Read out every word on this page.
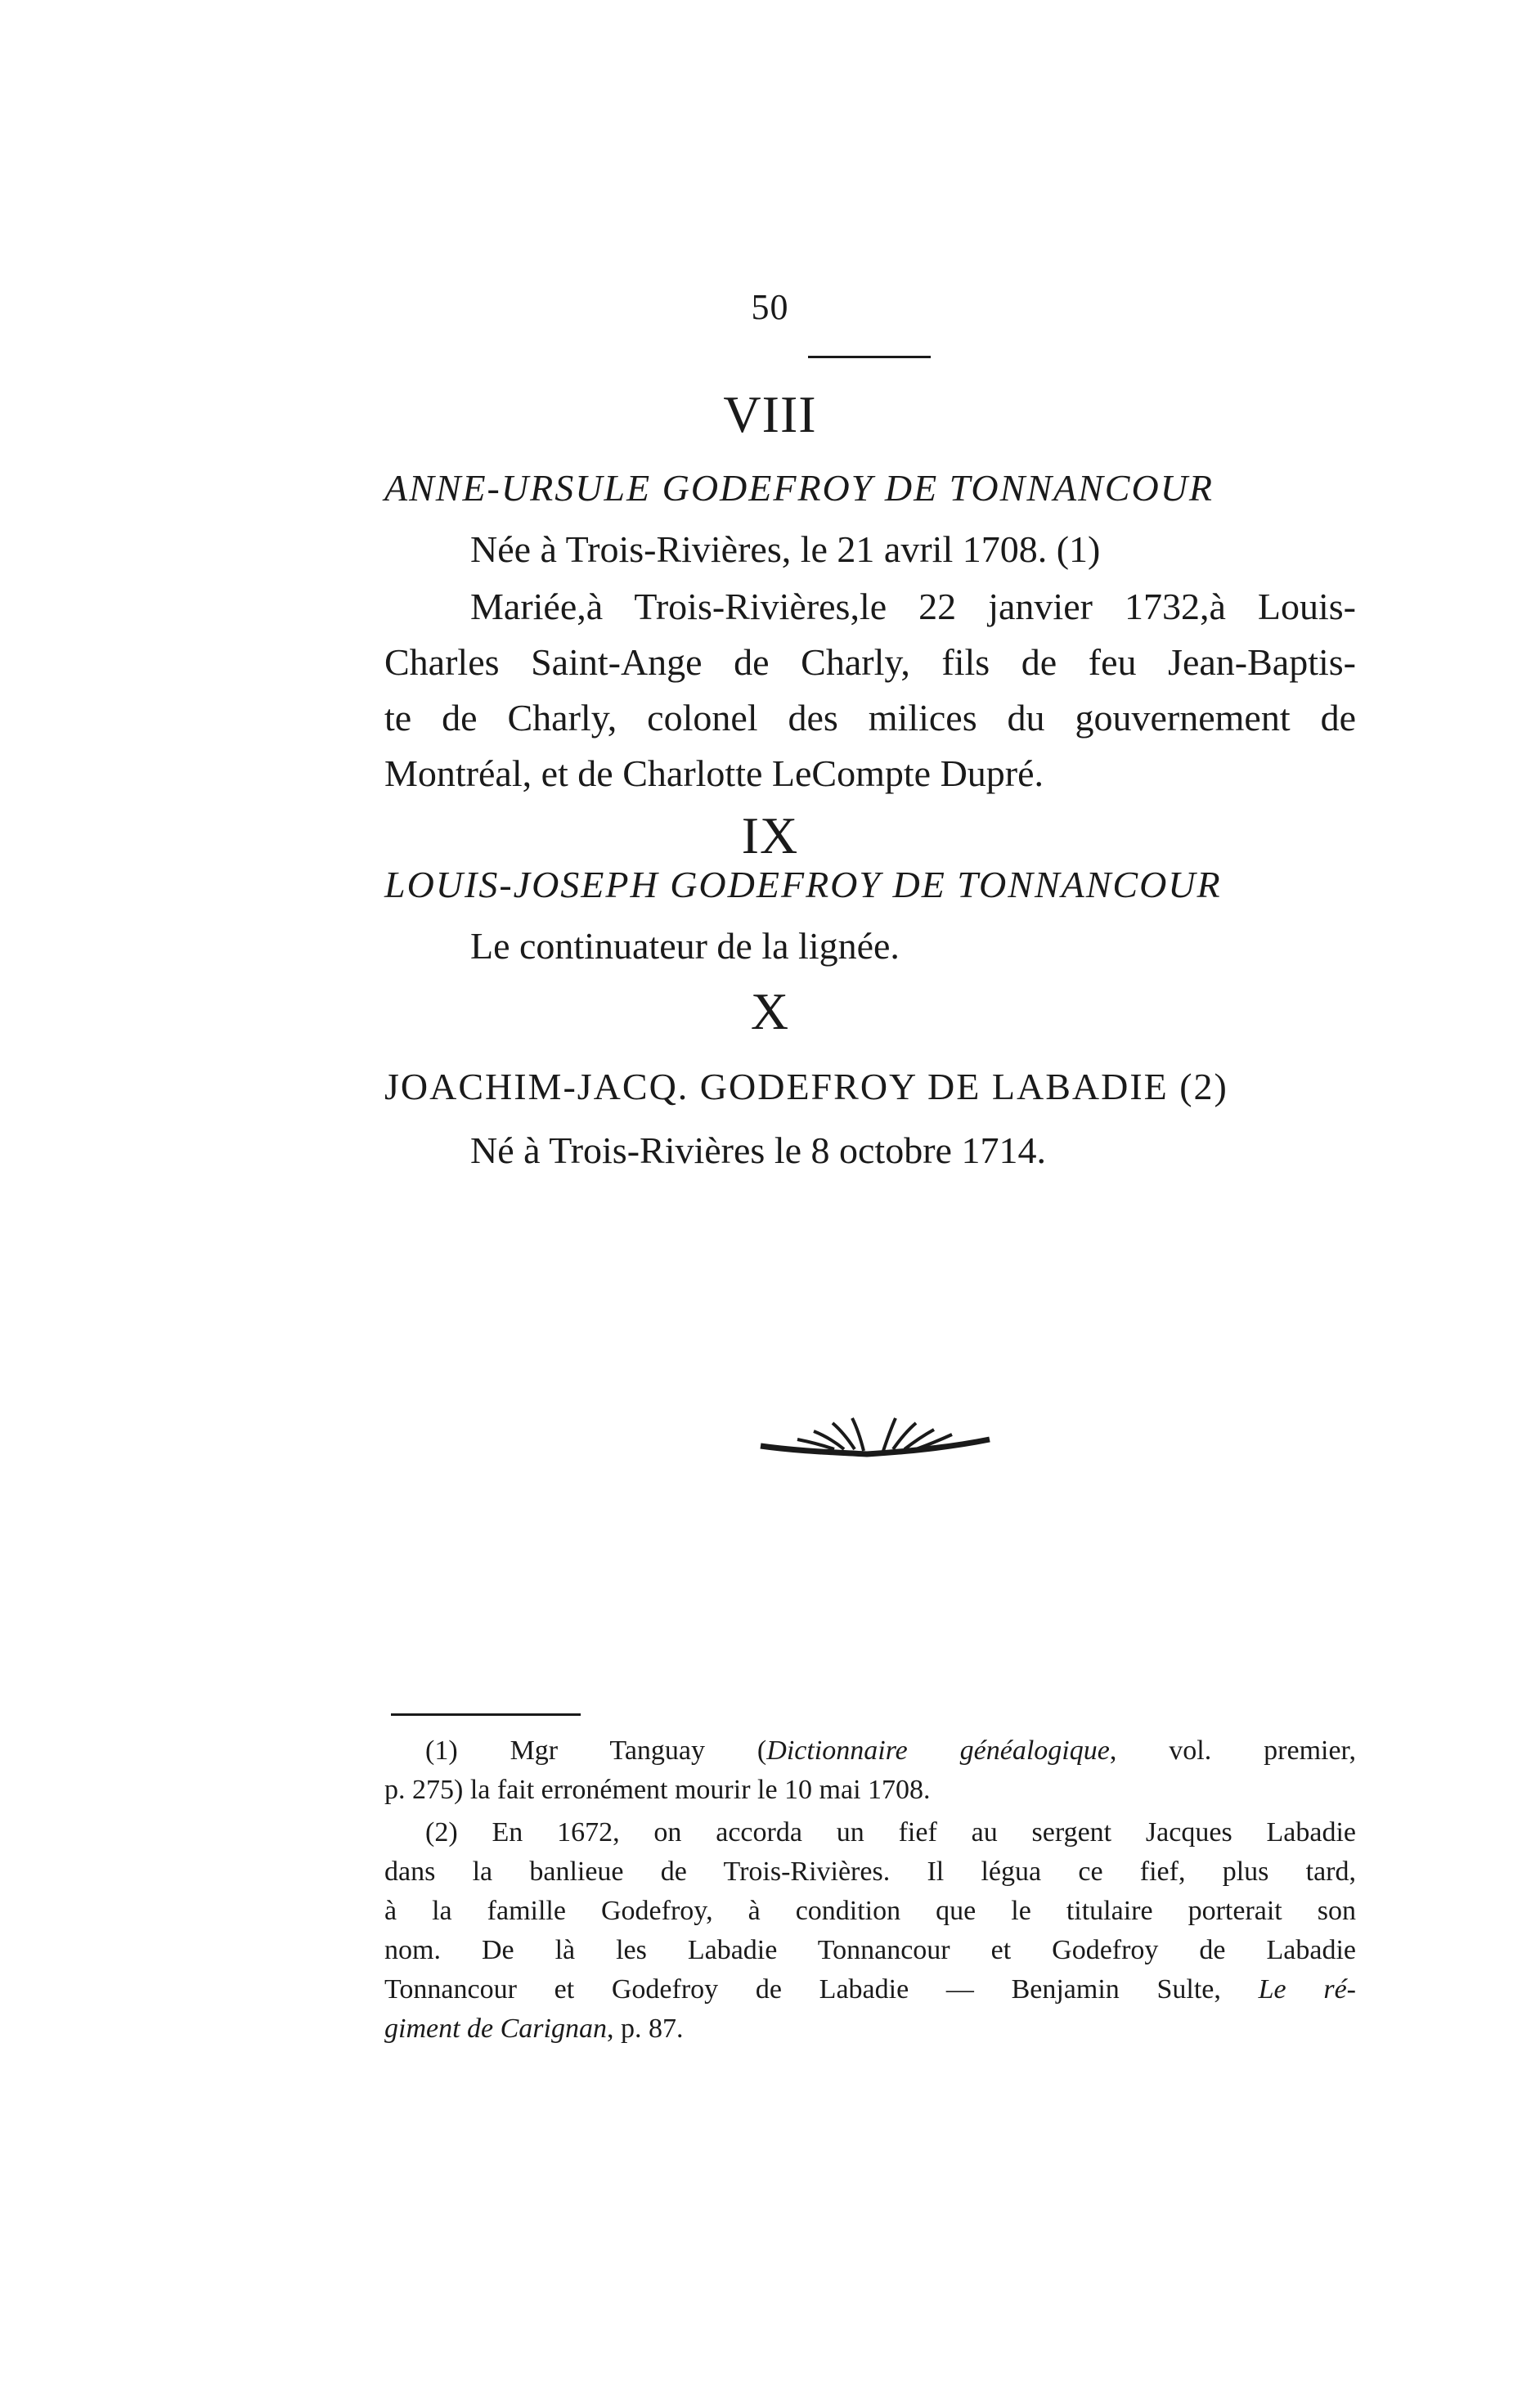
50
VIII
ANNE-URSULE GODEFROY DE TONNANCOUR
Née à Trois-Rivières, le 21 avril 1708. (1)
Mariée,à Trois-Rivières,le 22 janvier 1732,à Louis-
Charles Saint-Ange de Charly, fils de feu Jean-Baptis-
te de Charly, colonel des milices du gouvernement de
Montréal, et de Charlotte LeCompte Dupré.
IX
LOUIS-JOSEPH GODEFROY DE TONNANCOUR
Le continuateur de la lignée.
X
JOACHIM-JACQ. GODEFROY DE LABADIE (2)
Né à Trois-Rivières le 8 octobre 1714.
(1) Mgr Tanguay (Dictionnaire généalogique, vol. premier,
p. 275) la fait erronément mourir le 10 mai 1708.
(2) En 1672, on accorda un fief au sergent Jacques Labadie
dans la banlieue de Trois-Rivières. Il légua ce fief, plus tard,
à la famille Godefroy, à condition que le titulaire porterait son
nom. De là les Labadie Tonnancour et Godefroy de Labadie
Tonnancour et Godefroy de Labadie — Benjamin Sulte, Le ré-
giment de Carignan, p. 87.
